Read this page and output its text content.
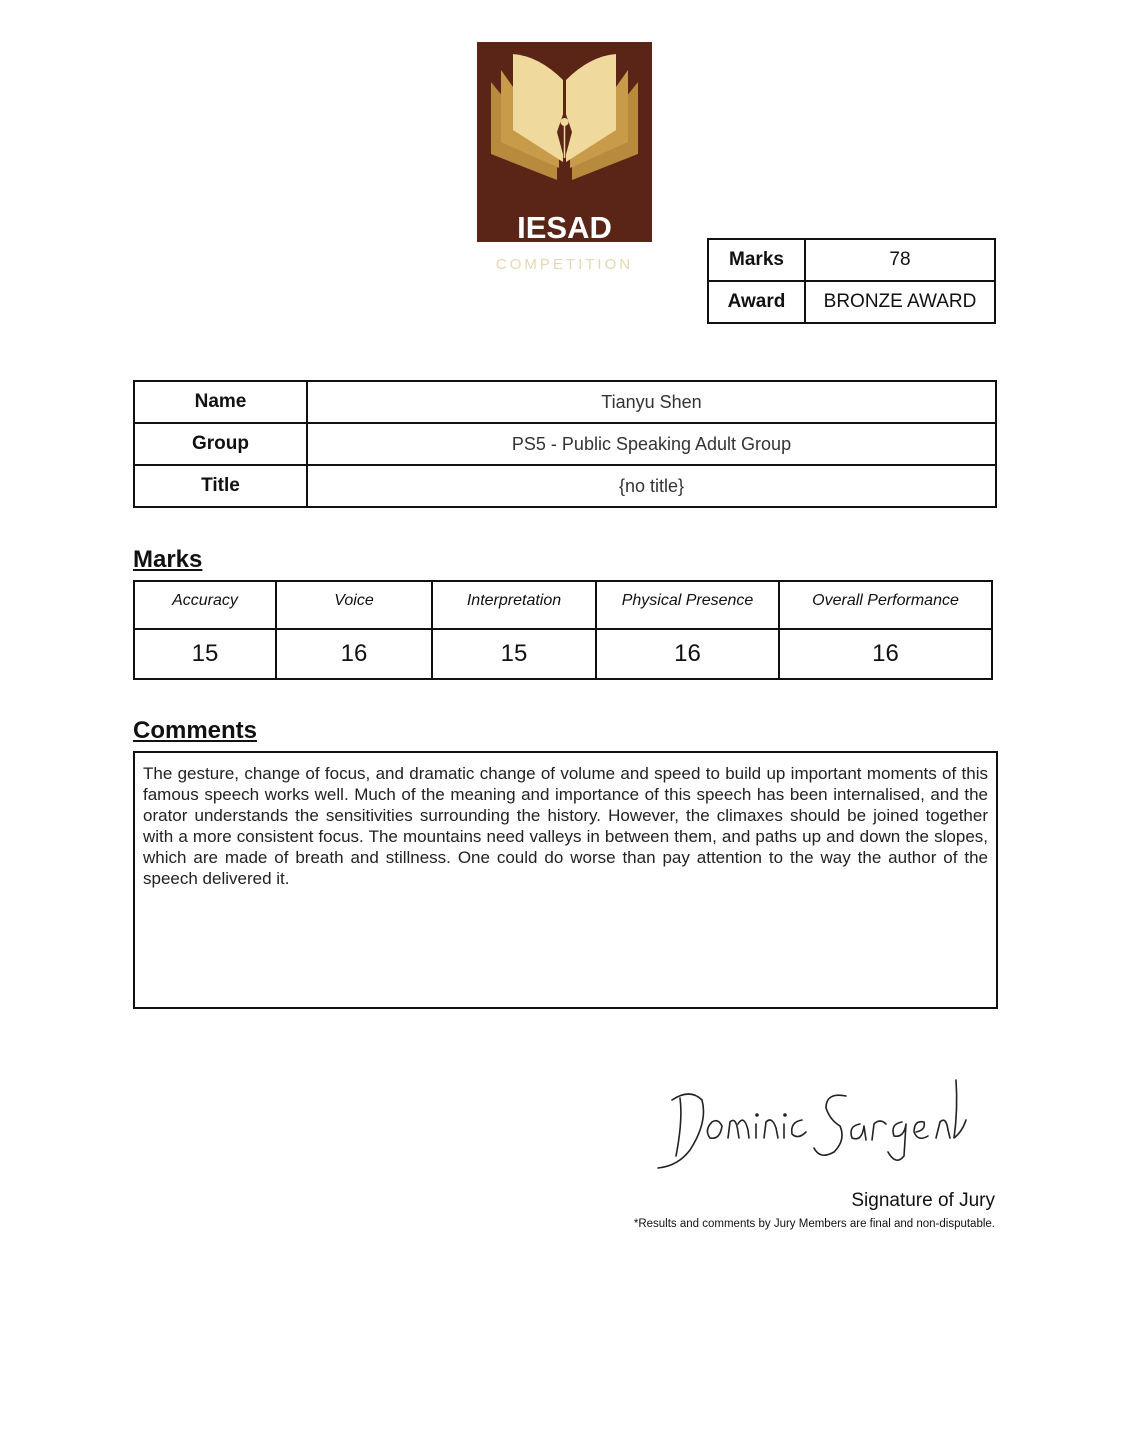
IESAD
COMPETITION	Marks	78
Award	BRONZE AWARD
Name	Tianyu Shen
Group	PS5 - Public Speaking Adult Group
Title	{no title}
Marks
Accuracy	Voice	Interpretation	Physical Presence	Overall Performance
15	16	15	16	16
Comments
The gesture, change of focus, and dramatic change of volume and speed to build up important moments of this famous speech works well. Much of the meaning and importance of this speech has been internalised, and the orator understands the sensitivities surrounding the history. However, the climaxes should be joined together with a more consistent focus. The mountains need valleys in between them, and paths up and down the slopes, which are made of breath and stillness. One could do worse than pay attention to the way the author of the speech delivered it.
Signature of Jury
*Results and comments by Jury Members are final and non-disputable.
